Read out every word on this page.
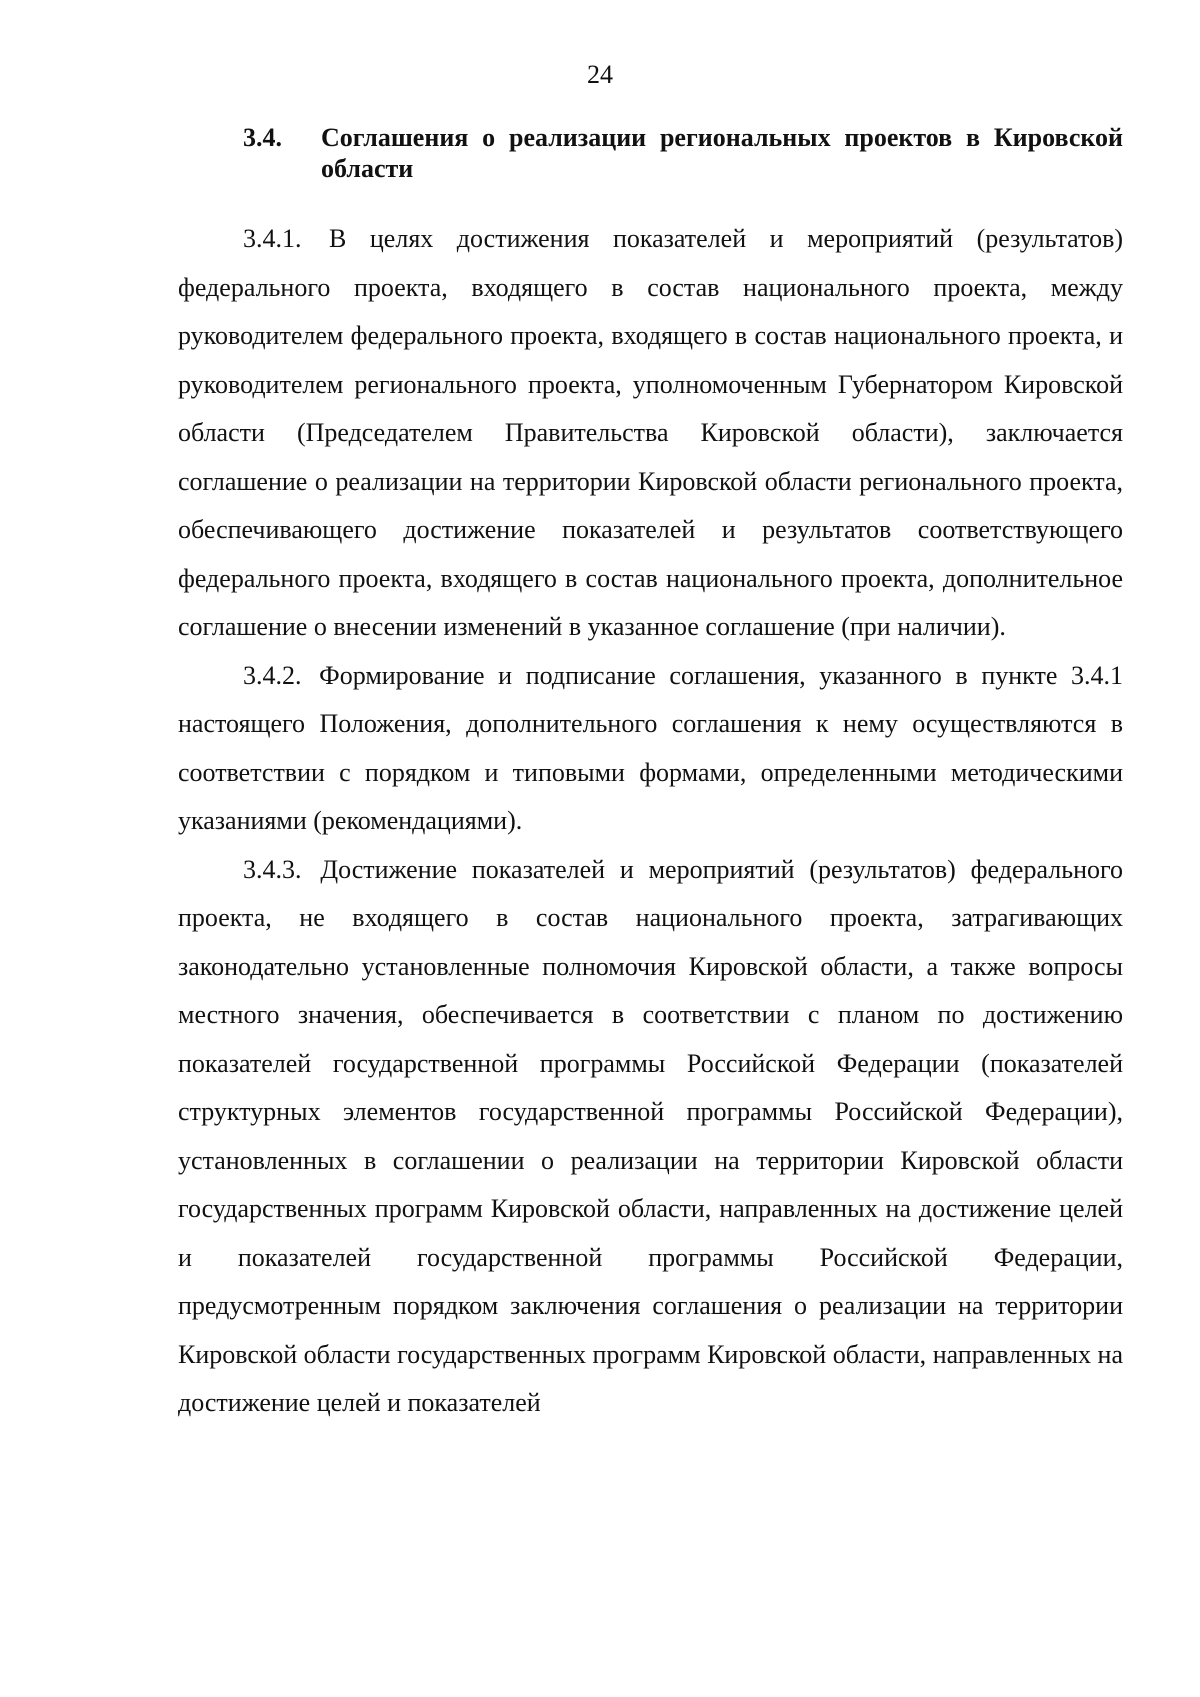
24
3.4. Соглашения о реализации региональных проектов в Кировской области

3.4.1. В целях достижения показателей и мероприятий (результатов) федерального проекта, входящего в состав национального проекта, между руководителем федерального проекта, входящего в состав национального проекта, и руководителем регионального проекта, уполномоченным Губернатором Кировской области (Председателем Правительства Кировской области), заключается соглашение о реализации на территории Кировской области регионального проекта, обеспечивающего достижение показателей и результатов соответствующего федерального проекта, входящего в состав национального проекта, дополнительное соглашение о внесении изменений в указанное соглашение (при наличии).

3.4.2. Формирование и подписание соглашения, указанного в пункте 3.4.1 настоящего Положения, дополнительного соглашения к нему осуществляются в соответствии с порядком и типовыми формами, определенными методическими указаниями (рекомендациями).

3.4.3. Достижение показателей и мероприятий (результатов) федерального проекта, не входящего в состав национального проекта, затрагивающих законодательно установленные полномочия Кировской области, а также вопросы местного значения, обеспечивается в соответствии с планом по достижению показателей государственной программы Российской Федерации (показателей структурных элементов государственной программы Российской Федерации), установленных в соглашении о реализации на территории Кировской области государственных программ Кировской области, направленных на достижение целей и показателей государственной программы Российской Федерации, предусмотренным порядком заключения соглашения о реализации на территории Кировской области государственных программ Кировской области, направленных на достижение целей и показателей
